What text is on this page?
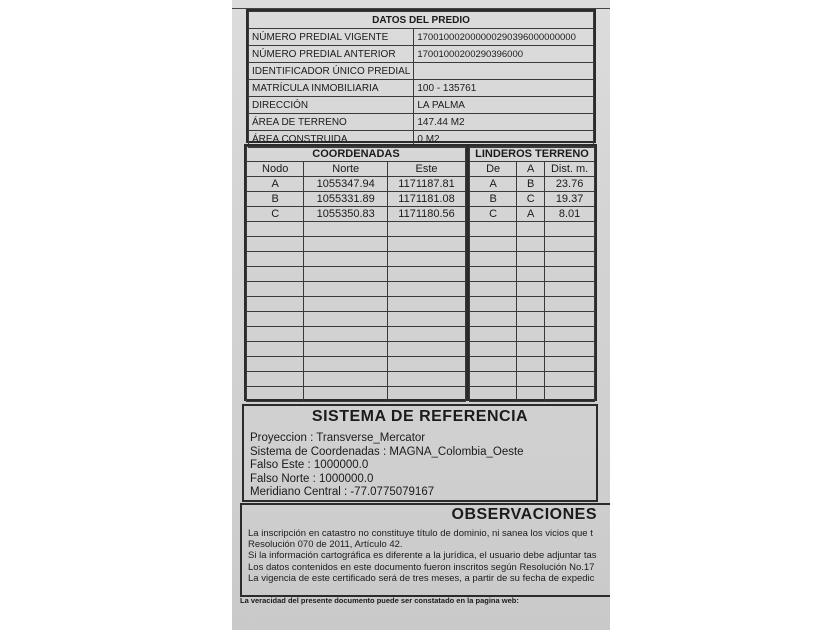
DATOS DEL PREDIO	
NÚMERO PREDIAL VIGENTE	170010002000000290396000000000
NÚMERO PREDIAL ANTERIOR	17001000200290396000
IDENTIFICADOR ÚNICO PREDIAL	
MATRÍCULA INMOBILIARIA	100 - 135761
DIRECCIÓN	LA PALMA
ÁREA DE TERRENO	147.44 M2
ÁREA CONSTRUIDA	0 M2
COORDENADAS		
Nodo	Norte	Este
A	1055347.94	1171187.81
B	1055331.89	1171181.08
C	1055350.83	1171180.56

LINDEROS TERRENO		
De	A	Dist. m.
A	B	23.76
B	C	19.37
C	A	8.01

SISTEMA DE REFERENCIA
Proyeccion : Transverse_Mercator
Sistema de Coordenadas : MAGNA_Colombia_Oeste
Falso Este : 1000000.0
Falso Norte : 1000000.0
Meridiano Central : -77.0775079167
OBSERVACIONES
La inscripción en catastro no constituye título de dominio, ni sanea los vicios que t
Resolución 070 de 2011, Artículo 42.
Si la información cartográfica es diferente a la jurídica, el usuario debe adjuntar tas
Los datos contenidos en este documento fueron inscritos según Resolución No.17
La vigencia de este certificado será de tres meses, a partir de su fecha de expedic
La veracidad del presente documento puede ser constatado en la pagina web:
